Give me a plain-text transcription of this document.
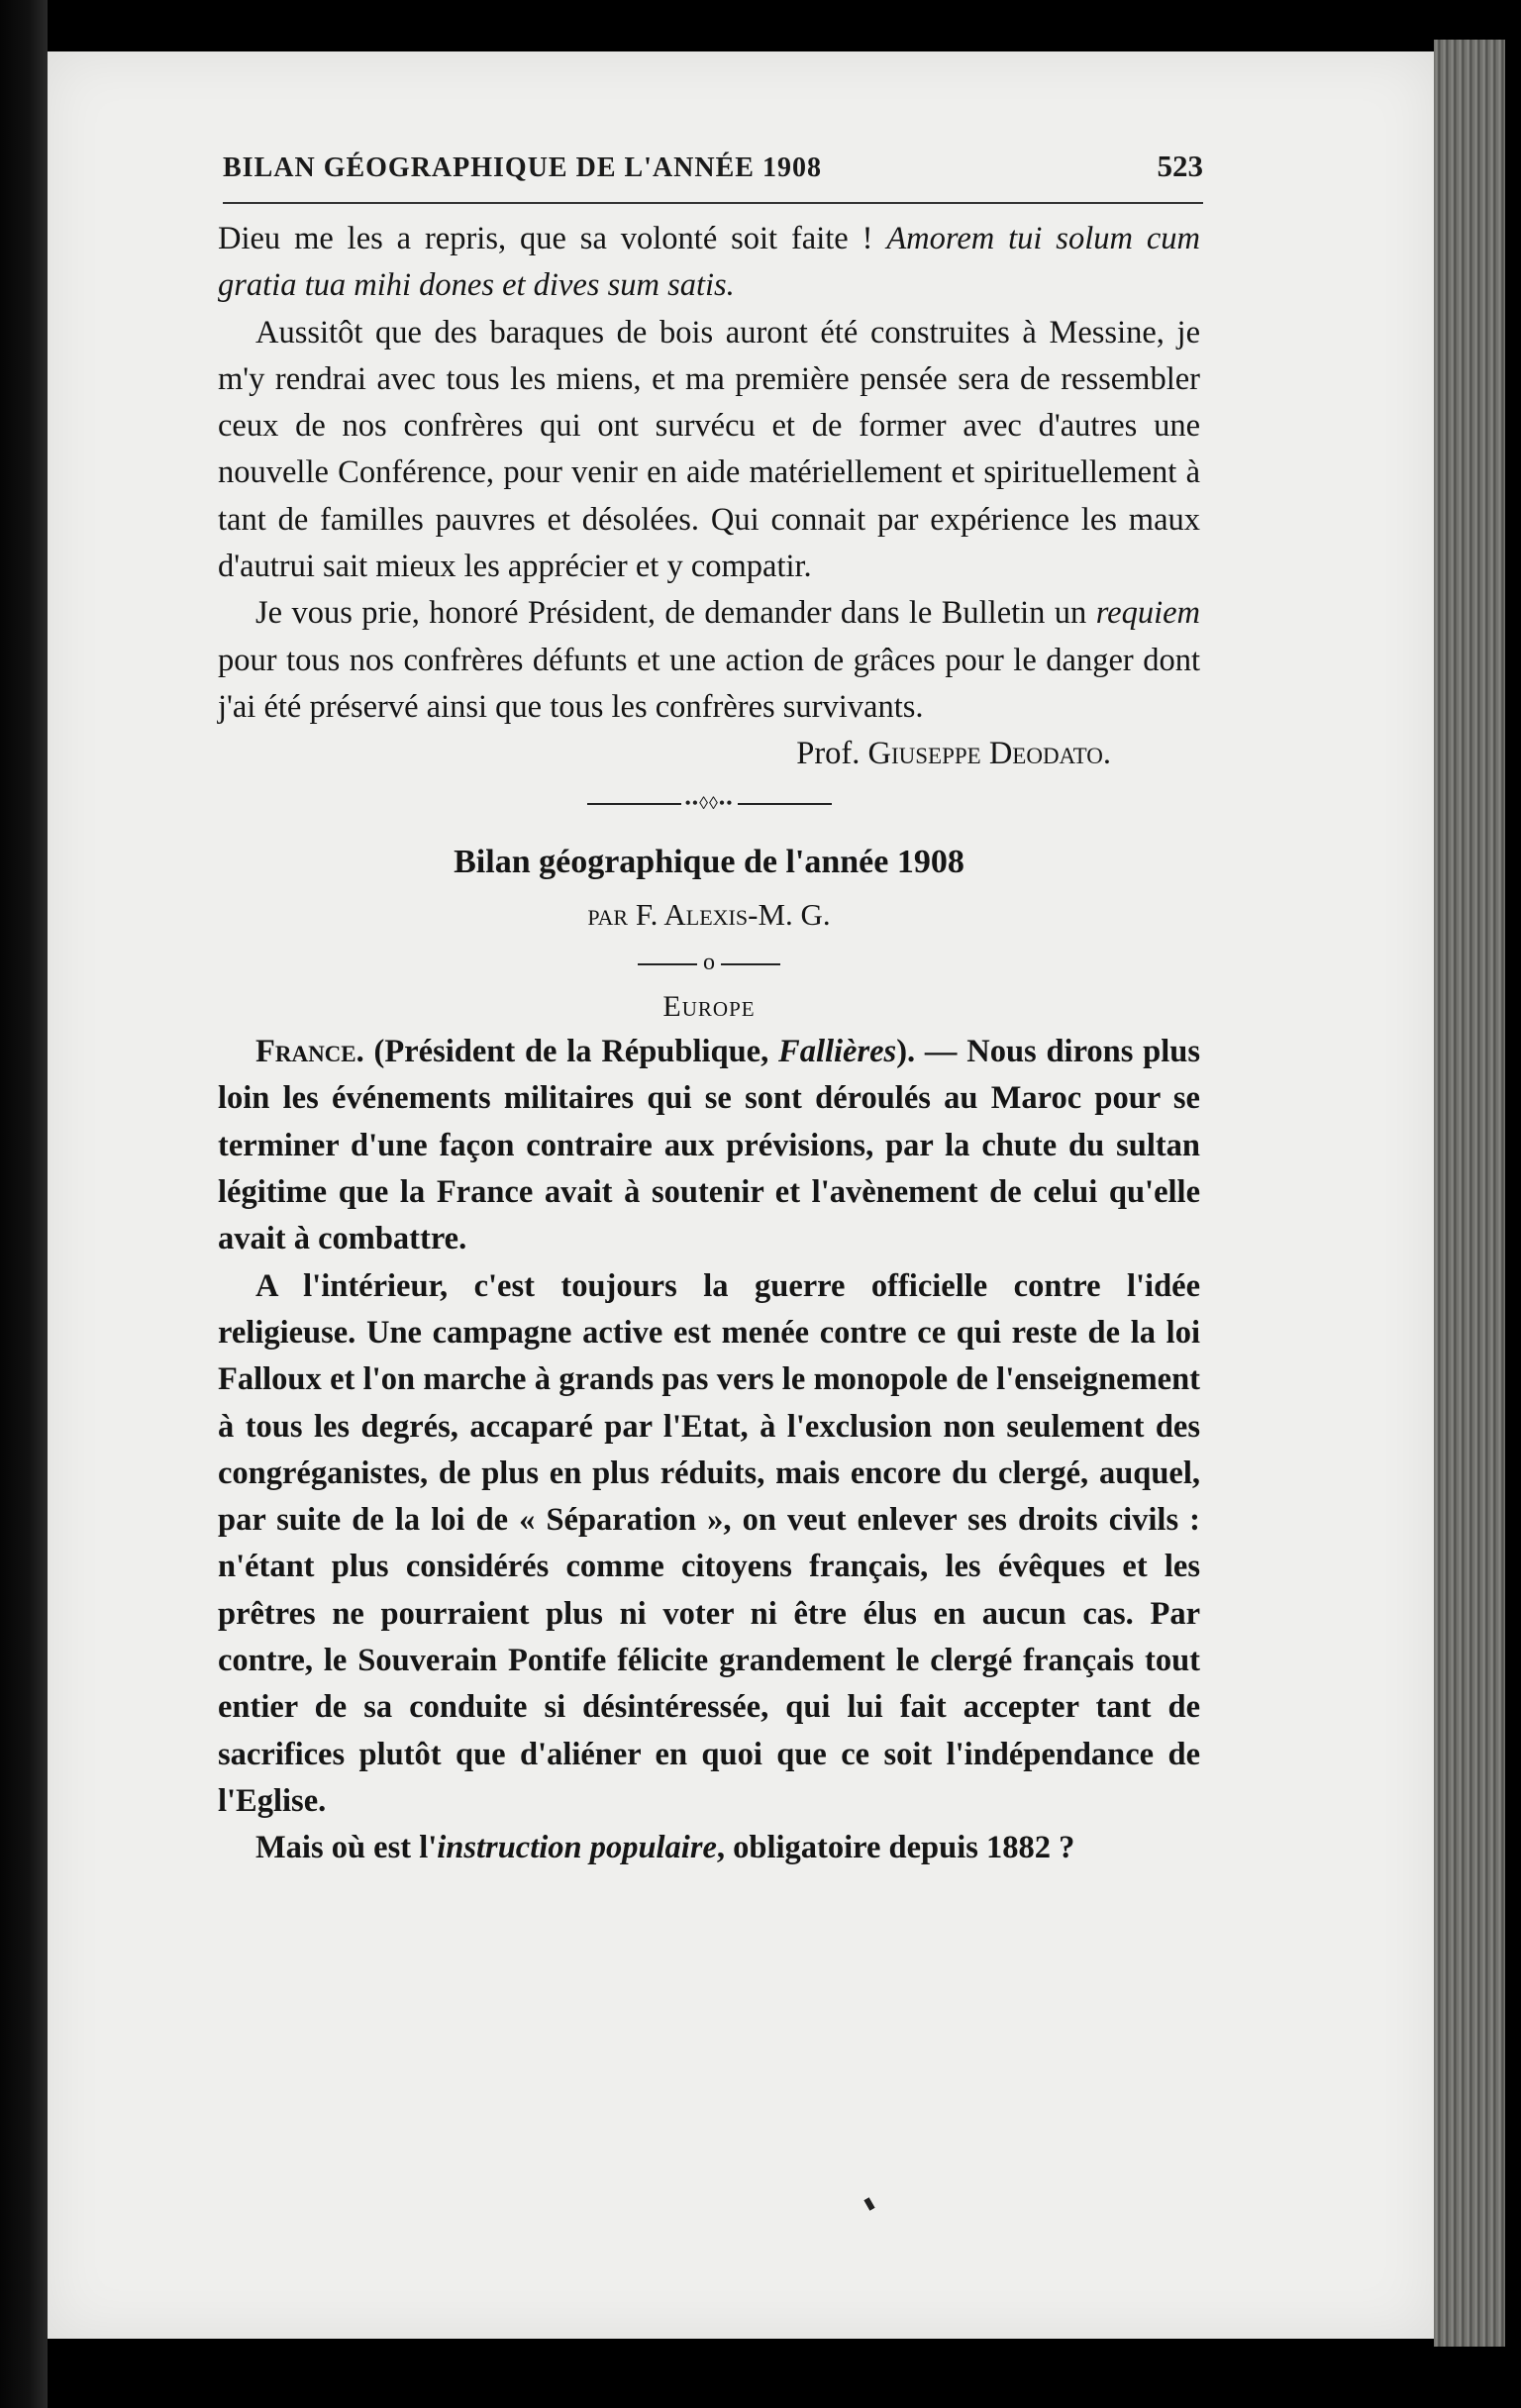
BILAN GÉOGRAPHIQUE DE L'ANNÉE 1908	523

Dieu me les a repris, que sa volonté soit faite ! Amorem tui solum cum gratia tua mihi dones et dives sum satis.

Aussitôt que des baraques de bois auront été construites à Messine, je m'y rendrai avec tous les miens, et ma première pensée sera de ressembler ceux de nos confrères qui ont survécu et de former avec d'autres une nouvelle Conférence, pour venir en aide matériellement et spirituellement à tant de familles pauvres et désolées. Qui connait par expérience les maux d'autrui sait mieux les apprécier et y compatir.

Je vous prie, honoré Président, de demander dans le Bulletin un requiem pour tous nos confrères défunts et une action de grâces pour le danger dont j'ai été préservé ainsi que tous les confrères survivants.

Prof. Giuseppe Deodato.

••◊◊••
Bilan géographique de l'année 1908
par F. Alexis-M. G.
o
Europe

France. (Président de la République, Fallières). — Nous dirons plus loin les événements militaires qui se sont déroulés au Maroc pour se terminer d'une façon contraire aux prévisions, par la chute du sultan légitime que la France avait à soutenir et l'avènement de celui qu'elle avait à combattre.

A l'intérieur, c'est toujours la guerre officielle contre l'idée religieuse. Une campagne active est menée contre ce qui reste de la loi Falloux et l'on marche à grands pas vers le monopole de l'enseignement à tous les degrés, accaparé par l'Etat, à l'exclusion non seulement des congréganistes, de plus en plus réduits, mais encore du clergé, auquel, par suite de la loi de « Séparation », on veut enlever ses droits civils : n'étant plus considérés comme citoyens français, les évêques et les prêtres ne pourraient plus ni voter ni être élus en aucun cas. Par contre, le Souverain Pontife félicite grandement le clergé français tout entier de sa conduite si désintéressée, qui lui fait accepter tant de sacrifices plutôt que d'aliéner en quoi que ce soit l'indépendance de l'Eglise.

Mais où est l'instruction populaire, obligatoire depuis 1882 ?
